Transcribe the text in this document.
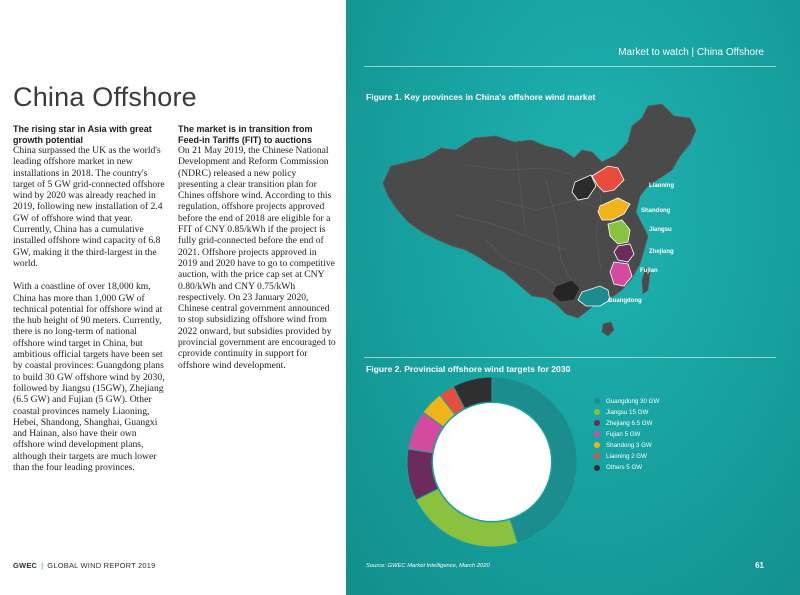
China Offshore
The rising star in Asia with great growth potential

China surpassed the UK as the world's leading offshore market in new installations in 2018. The country's target of 5 GW grid-connected offshore wind by 2020 was already reached in 2019, following new installation of 2.4 GW of offshore wind that year. Currently, China has a cumulative installed offshore wind capacity of 6.8 GW, making it the third-largest in the world.

With a coastline of over 18,000 km, China has more than 1,000 GW of technical potential for offshore wind at the hub height of 90 meters. Currently, there is no long-term of national offshore wind target in China, but ambitious official targets have been set by coastal provinces: Guangdong plans to build 30 GW offshore wind by 2030, followed by Jiangsu (15GW), Zhejiang (6.5 GW) and Fujian (5 GW). Other coastal provinces namely Liaoning, Hebei, Shandong, Shanghai, Guangxi and Hainan, also have their own offshore wind development plans, although their targets are much lower than the four leading provinces.

The market is in transition from Feed-in Tariffs (FIT) to auctions

On 21 May 2019, the Chinese National Development and Reform Commission (NDRC) released a new policy presenting a clear transition plan for Chines offshore wind. According to this regulation, offshore projects approved before the end of 2018 are eligible for a FIT of CNY 0.85/kWh if the project is fully grid-connected before the end of 2021. Offshore projects approved in 2019 and 2020 have to go to competitive auction, with the price cap set at CNY 0.80/kWh and CNY 0.75/kWh respectively. On 23 January 2020, Chinese central government announced to stop subsidizing offshore wind from 2022 onward, but subsidies provided by provincial government are encouraged to cprovide continuity in support for offshore wind development.

GWEC | GLOBAL WIND REPORT 2019
Market to watch | China Offshore
Figure 1. Key provinces in China's offshore wind market
Liaoning
Shandong
Jiangsu
Zhejiang
Fujian
Guangdong
Figure 2. Provincial offshore wind targets for 2030
Guangdong 30 GW
Jiangsu 15 GW
Zhejiang 6.5 GW
Fujian 5 GW
Shandong 3 GW
Liaoning 2 GW
Others 5 GW
Source: GWEC Market Intelligence, March 2020	61
